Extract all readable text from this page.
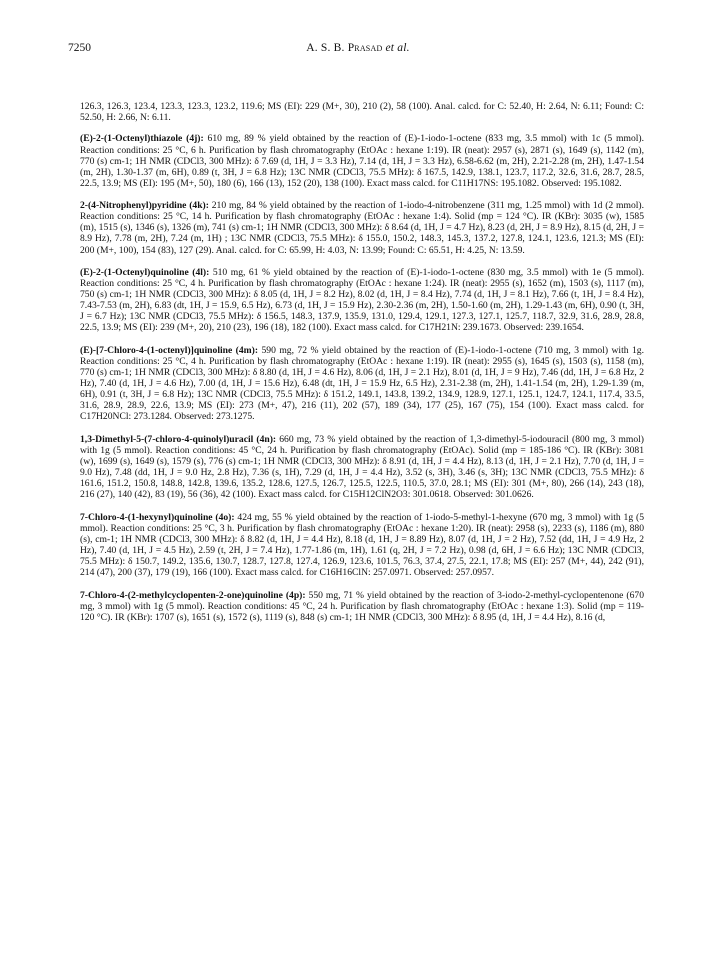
7250	A. S. B. Prasad et al.

126.3, 126.3, 123.4, 123.3, 123.3, 123.2, 119.6; MS (EI): 229 (M+, 30), 210 (2), 58 (100). Anal. calcd. for C: 52.40, H: 2.64, N: 6.11; Found: C: 52.50, H: 2.66, N: 6.11.

(E)-2-(1-Octenyl)thiazole (4j): 610 mg, 89 % yield obtained by the reaction of (E)-1-iodo-1-octene (833 mg, 3.5 mmol) with 1c (5 mmol). Reaction conditions: 25 °C, 6 h. Purification by flash chromatography (EtOAc : hexane 1:19). IR (neat): 2957 (s), 2871 (s), 1649 (s), 1142 (m), 770 (s) cm-1; 1H NMR (CDCl3, 300 MHz): δ 7.69 (d, 1H, J = 3.3 Hz), 7.14 (d, 1H, J = 3.3 Hz), 6.58-6.62 (m, 2H), 2.21-2.28 (m, 2H), 1.47-1.54 (m, 2H), 1.30-1.37 (m, 6H), 0.89 (t, 3H, J = 6.8 Hz); 13C NMR (CDCl3, 75.5 MHz): δ 167.5, 142.9, 138.1, 123.7, 117.2, 32.6, 31.6, 28.7, 28.5, 22.5, 13.9; MS (EI): 195 (M+, 50), 180 (6), 166 (13), 152 (20), 138 (100). Exact mass calcd. for C11H17NS: 195.1082. Observed: 195.1082.

2-(4-Nitrophenyl)pyridine (4k): 210 mg, 84 % yield obtained by the reaction of 1-iodo-4-nitrobenzene (311 mg, 1.25 mmol) with 1d (2 mmol). Reaction conditions: 25 °C, 14 h. Purification by flash chromatography (EtOAc : hexane 1:4). Solid (mp = 124 °C). IR (KBr): 3035 (w), 1585 (m), 1515 (s), 1346 (s), 1326 (m), 741 (s) cm-1; 1H NMR (CDCl3, 300 MHz): δ 8.64 (d, 1H, J = 4.7 Hz), 8.23 (d, 2H, J = 8.9 Hz), 8.15 (d, 2H, J = 8.9 Hz), 7.78 (m, 2H), 7.24 (m, 1H) ; 13C NMR (CDCl3, 75.5 MHz): δ 155.0, 150.2, 148.3, 145.3, 137.2, 127.8, 124.1, 123.6, 121.3; MS (EI): 200 (M+, 100), 154 (83), 127 (29). Anal. calcd. for C: 65.99, H: 4.03, N: 13.99; Found: C: 65.51, H: 4.25, N: 13.59.

(E)-2-(1-Octenyl)quinoline (4l): 510 mg, 61 % yield obtained by the reaction of (E)-1-iodo-1-octene (830 mg, 3.5 mmol) with 1e (5 mmol). Reaction conditions: 25 °C, 4 h. Purification by flash chromatography (EtOAc : hexane 1:24). IR (neat): 2955 (s), 1652 (m), 1503 (s), 1117 (m), 750 (s) cm-1; 1H NMR (CDCl3, 300 MHz): δ 8.05 (d, 1H, J = 8.2 Hz), 8.02 (d, 1H, J = 8.4 Hz), 7.74 (d, 1H, J = 8.1 Hz), 7.66 (t, 1H, J = 8.4 Hz), 7.43-7.53 (m, 2H), 6.83 (dt, 1H, J = 15.9, 6.5 Hz), 6.73 (d, 1H, J = 15.9 Hz), 2.30-2.36 (m, 2H), 1.50-1.60 (m, 2H), 1.29-1.43 (m, 6H), 0.90 (t, 3H, J = 6.7 Hz); 13C NMR (CDCl3, 75.5 MHz): δ 156.5, 148.3, 137.9, 135.9, 131.0, 129.4, 129.1, 127.3, 127.1, 125.7, 118.7, 32.9, 31.6, 28.9, 28.8, 22.5, 13.9; MS (EI): 239 (M+, 20), 210 (23), 196 (18), 182 (100). Exact mass calcd. for C17H21N: 239.1673. Observed: 239.1654.

(E)-[7-Chloro-4-(1-octenyl)]quinoline (4m): 590 mg, 72 % yield obtained by the reaction of (E)-1-iodo-1-octene (710 mg, 3 mmol) with 1g. Reaction conditions: 25 °C, 4 h. Purification by flash chromatography (EtOAc : hexane 1:19). IR (neat): 2955 (s), 1645 (s), 1503 (s), 1158 (m), 770 (s) cm-1; 1H NMR (CDCl3, 300 MHz): δ 8.80 (d, 1H, J = 4.6 Hz), 8.06 (d, 1H, J = 2.1 Hz), 8.01 (d, 1H, J = 9 Hz), 7.46 (dd, 1H, J = 6.8 Hz, 2 Hz), 7.40 (d, 1H, J = 4.6 Hz), 7.00 (d, 1H, J = 15.6 Hz), 6.48 (dt, 1H, J = 15.9 Hz, 6.5 Hz), 2.31-2.38 (m, 2H), 1.41-1.54 (m, 2H), 1.29-1.39 (m, 6H), 0.91 (t, 3H, J = 6.8 Hz); 13C NMR (CDCl3, 75.5 MHz): δ 151.2, 149.1, 143.8, 139.2, 134.9, 128.9, 127.1, 125.1, 124.7, 124.1, 117.4, 33.5, 31.6, 28.9, 28.9, 22.6, 13.9; MS (EI): 273 (M+, 47), 216 (11), 202 (57), 189 (34), 177 (25), 167 (75), 154 (100). Exact mass calcd. for C17H20NCl: 273.1284. Observed: 273.1275.

1,3-Dimethyl-5-(7-chloro-4-quinolyl)uracil (4n): 660 mg, 73 % yield obtained by the reaction of 1,3-dimethyl-5-iodouracil (800 mg, 3 mmol) with 1g (5 mmol). Reaction conditions: 45 °C, 24 h. Purification by flash chromatography (EtOAc). Solid (mp = 185-186 °C). IR (KBr): 3081 (w), 1699 (s), 1649 (s), 1579 (s), 776 (s) cm-1; 1H NMR (CDCl3, 300 MHz): δ 8.91 (d, 1H, J = 4.4 Hz), 8.13 (d, 1H, J = 2.1 Hz), 7.70 (d, 1H, J = 9.0 Hz), 7.48 (dd, 1H, J = 9.0 Hz, 2.8 Hz), 7.36 (s, 1H), 7.29 (d, 1H, J = 4.4 Hz), 3.52 (s, 3H), 3.46 (s, 3H); 13C NMR (CDCl3, 75.5 MHz): δ 161.6, 151.2, 150.8, 148.8, 142.8, 139.6, 135.2, 128.6, 127.5, 126.7, 125.5, 122.5, 110.5, 37.0, 28.1; MS (EI): 301 (M+, 80), 266 (14), 243 (18), 216 (27), 140 (42), 83 (19), 56 (36), 42 (100). Exact mass calcd. for C15H12ClN2O3: 301.0618. Observed: 301.0626.

7-Chloro-4-(1-hexynyl)quinoline (4o): 424 mg, 55 % yield obtained by the reaction of 1-iodo-5-methyl-1-hexyne (670 mg, 3 mmol) with 1g (5 mmol). Reaction conditions: 25 °C, 3 h. Purification by flash chromatography (EtOAc : hexane 1:20). IR (neat): 2958 (s), 2233 (s), 1186 (m), 880 (s), cm-1; 1H NMR (CDCl3, 300 MHz): δ 8.82 (d, 1H, J = 4.4 Hz), 8.18 (d, 1H, J = 8.89 Hz), 8.07 (d, 1H, J = 2 Hz), 7.52 (dd, 1H, J = 4.9 Hz, 2 Hz), 7.40 (d, 1H, J = 4.5 Hz), 2.59 (t, 2H, J = 7.4 Hz), 1.77-1.86 (m, 1H), 1.61 (q, 2H, J = 7.2 Hz), 0.98 (d, 6H, J = 6.6 Hz); 13C NMR (CDCl3, 75.5 MHz): δ 150.7, 149.2, 135.6, 130.7, 128.7, 127.8, 127.4, 126.9, 123.6, 101.5, 76.3, 37.4, 27.5, 22.1, 17.8; MS (EI): 257 (M+, 44), 242 (91), 214 (47), 200 (37), 179 (19), 166 (100). Exact mass calcd. for C16H16ClN: 257.0971. Observed: 257.0957.

7-Chloro-4-(2-methylcyclopenten-2-one)quinoline (4p): 550 mg, 71 % yield obtained by the reaction of 3-iodo-2-methyl-cyclopentenone (670 mg, 3 mmol) with 1g (5 mmol). Reaction conditions: 45 °C, 24 h. Purification by flash chromatography (EtOAc : hexane 1:3). Solid (mp = 119-120 °C). IR (KBr): 1707 (s), 1651 (s), 1572 (s), 1119 (s), 848 (s) cm-1; 1H NMR (CDCl3, 300 MHz): δ 8.95 (d, 1H, J = 4.4 Hz), 8.16 (d,
